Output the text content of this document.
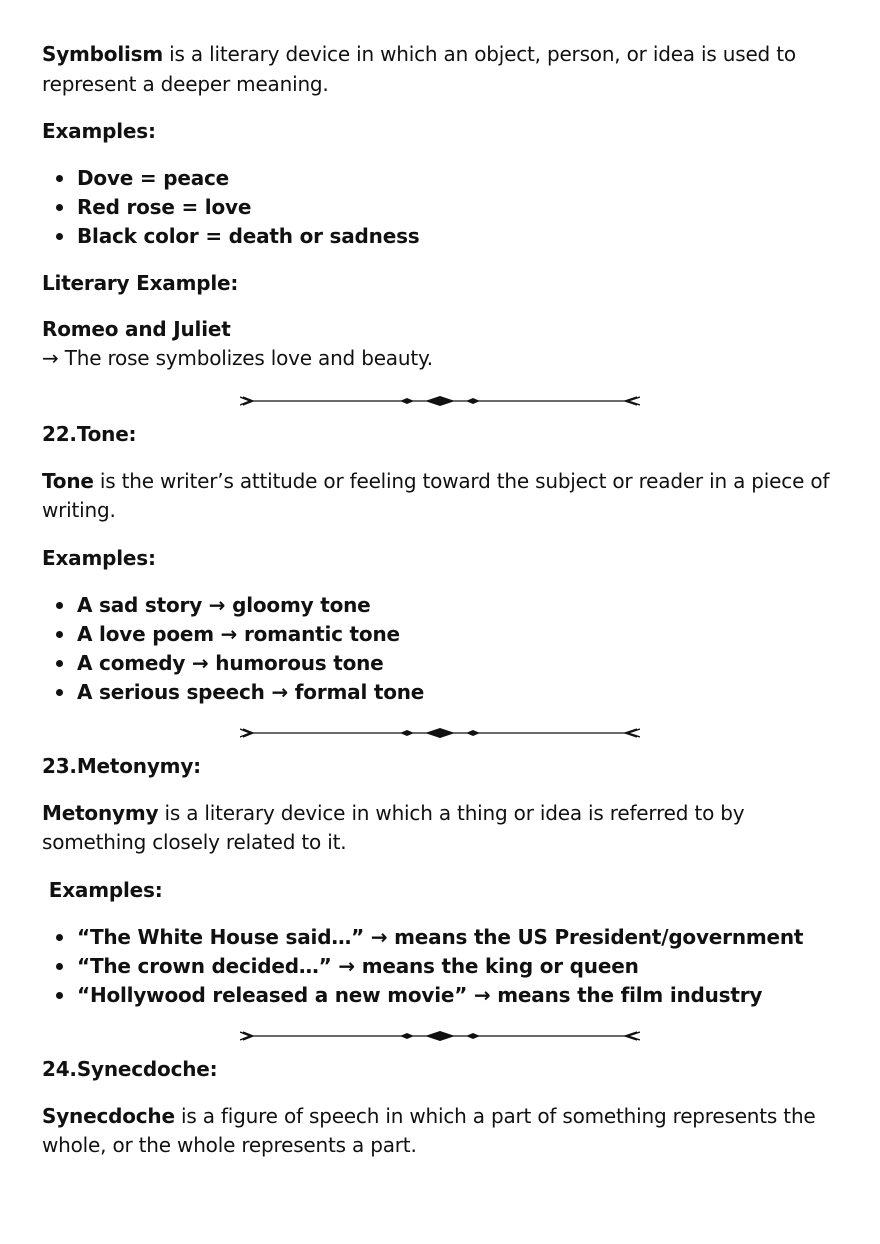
Symbolism is a literary device in which an object, person, or idea is used to represent a deeper meaning.

Examples:

Dove = peace
Red rose = love
Black color = death or sadness

Literary Example:

Romeo and Juliet

→ The rose symbolizes love and beauty.

22.Tone:

Tone is the writer’s attitude or feeling toward the subject or reader in a piece of writing.

Examples:

A sad story → gloomy tone
A love poem → romantic tone
A comedy → humorous tone
A serious speech → formal tone

23.Metonymy:

Metonymy is a literary device in which a thing or idea is referred to by something closely related to it.

Examples:

“The White House said…” → means the US President/government
“The crown decided…” → means the king or queen
“Hollywood released a new movie” → means the film industry

24.Synecdoche:

Synecdoche is a figure of speech in which a part of something represents the whole, or the whole represents a part.
